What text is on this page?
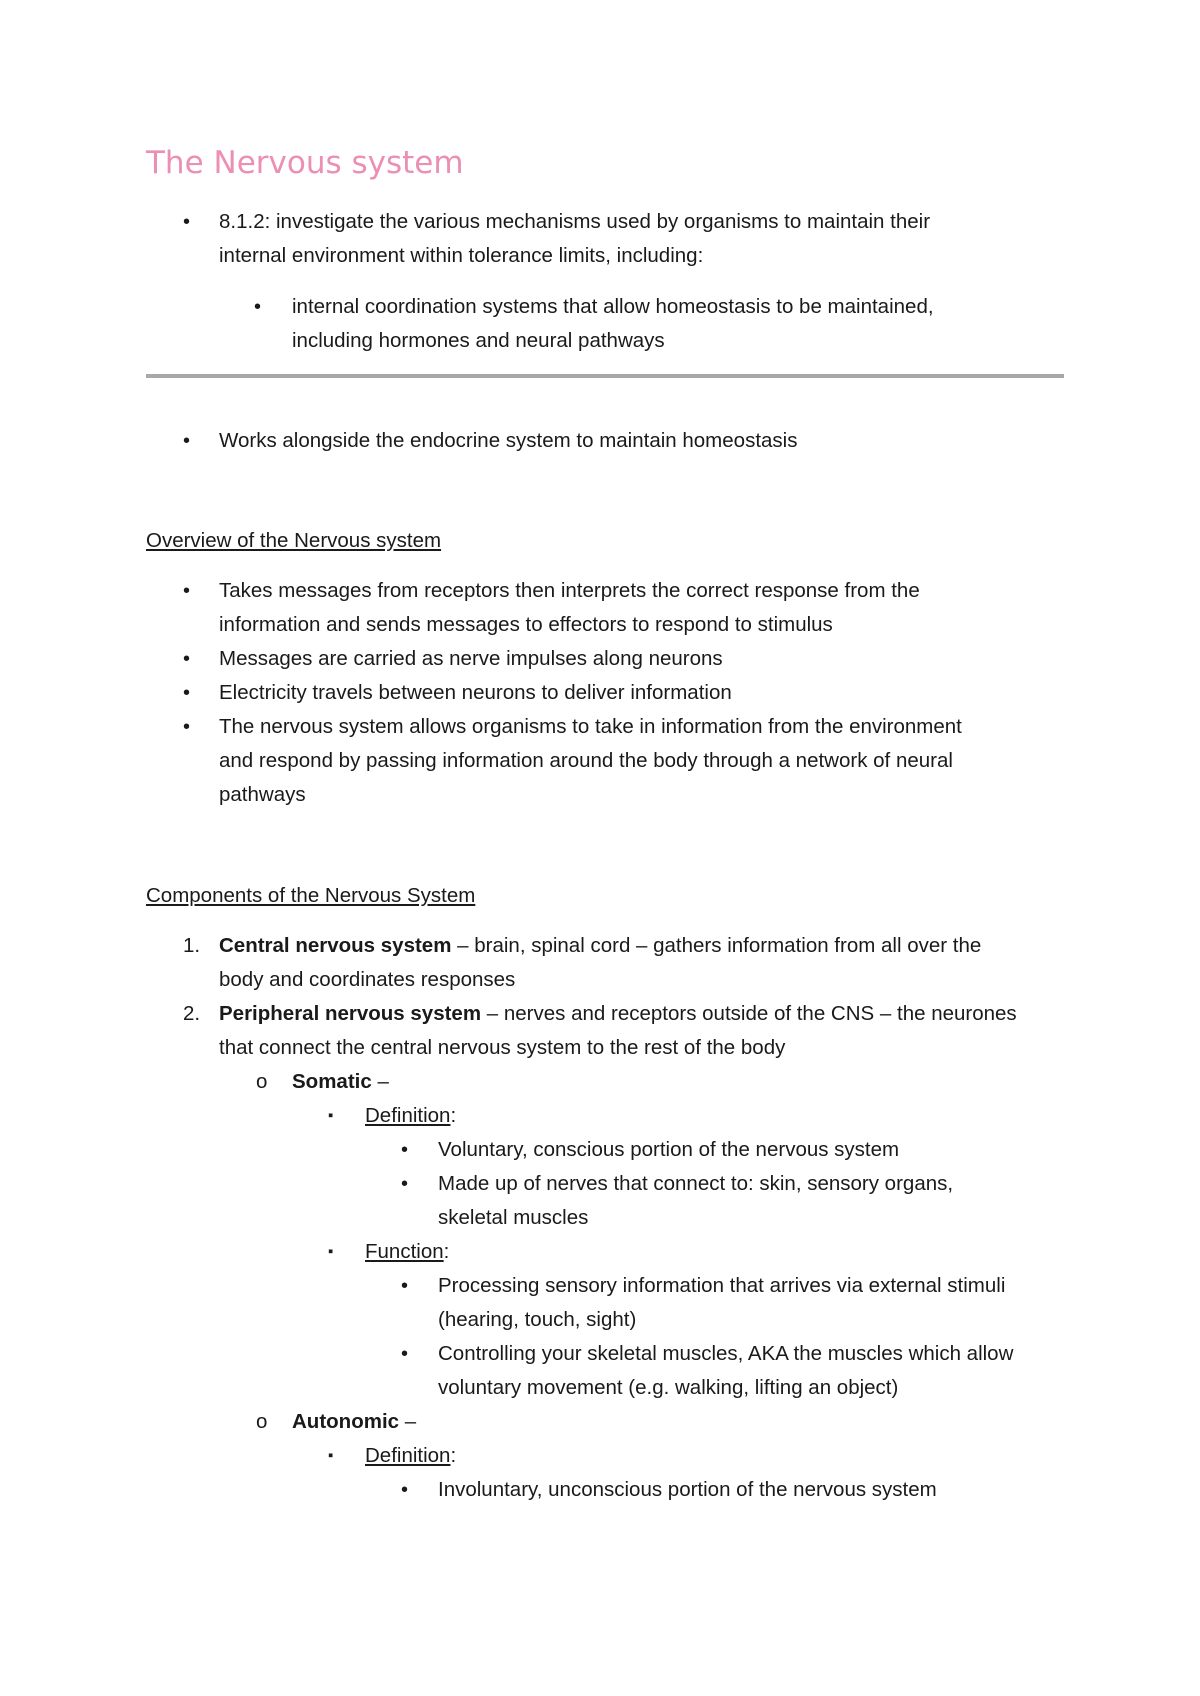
The Nervous system
• 8.1.2: investigate the various mechanisms used by organisms to maintain their
internal environment within tolerance limits, including:
• internal coordination systems that allow homeostasis to be maintained,
including hormones and neural pathways
• Works alongside the endocrine system to maintain homeostasis
Overview of the Nervous system
• Takes messages from receptors then interprets the correct response from the
information and sends messages to effectors to respond to stimulus
• Messages are carried as nerve impulses along neurons
• Electricity travels between neurons to deliver information
• The nervous system allows organisms to take in information from the environment
and respond by passing information around the body through a network of neural
pathways
Components of the Nervous System
1. Central nervous system – brain, spinal cord – gathers information from all over the
body and coordinates responses
2. Peripheral nervous system – nerves and receptors outside of the CNS – the neurones
that connect the central nervous system to the rest of the body
o Somatic –
▪ Definition:
• Voluntary, conscious portion of the nervous system
• Made up of nerves that connect to: skin, sensory organs,
skeletal muscles
▪ Function:
• Processing sensory information that arrives via external stimuli
(hearing, touch, sight)
• Controlling your skeletal muscles, AKA the muscles which allow
voluntary movement (e.g. walking, lifting an object)
o Autonomic –
▪ Definition:
• Involuntary, unconscious portion of the nervous system
